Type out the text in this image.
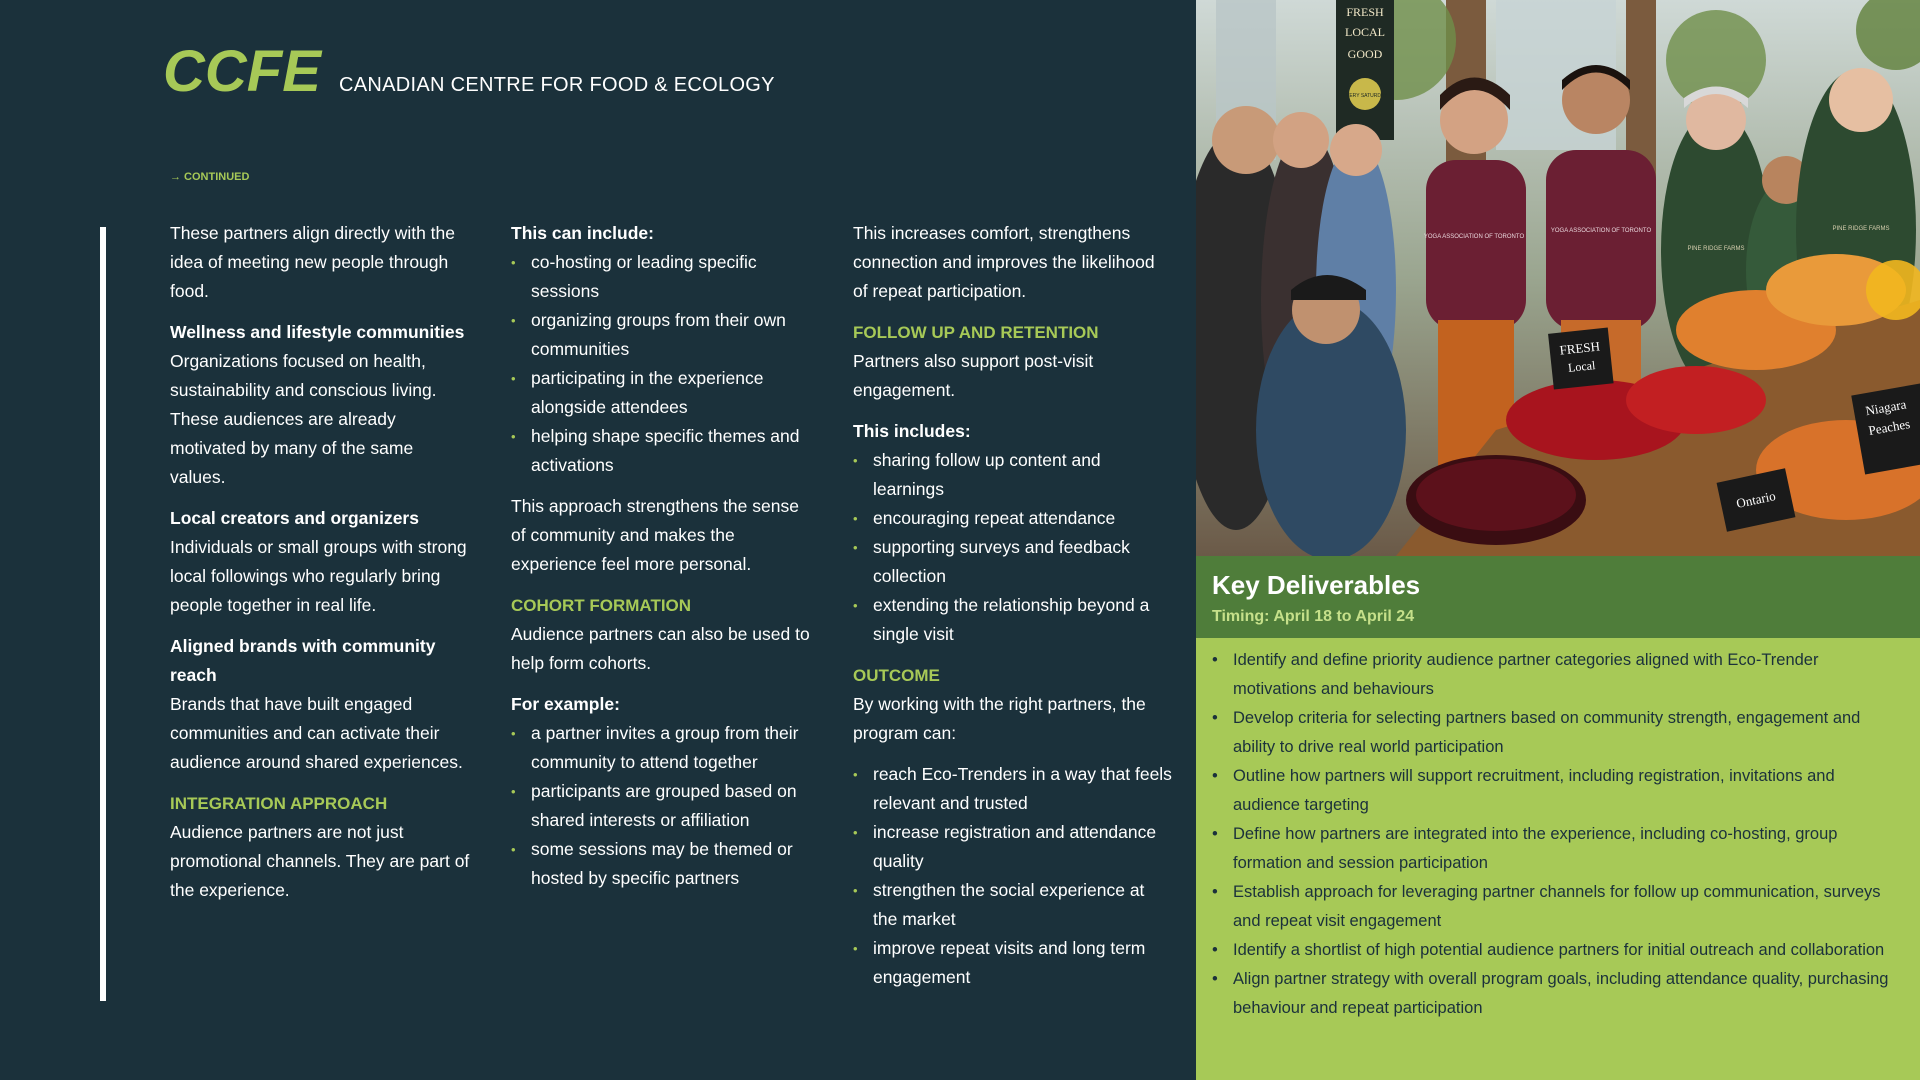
CCFE CANADIAN CENTRE FOR FOOD & ECOLOGY
→ CONTINUED

These partners align directly with the idea of meeting new people through food.

Wellness and lifestyle communities
Organizations focused on health, sustainability and conscious living. These audiences are already motivated by many of the same values.

Local creators and organizers
Individuals or small groups with strong local followings who regularly bring people together in real life.

Aligned brands with community reach
Brands that have built engaged communities and can activate their audience around shared experiences.

INTEGRATION APPROACH
Audience partners are not just promotional channels. They are part of the experience.

This can include:

• co-hosting or leading specific sessions
• organizing groups from their own communities
• participating in the experience alongside attendees
• helping shape specific themes and activations

This approach strengthens the sense of community and makes the experience feel more personal.

COHORT FORMATION
Audience partners can also be used to help form cohorts.

For example:

• a partner invites a group from their community to attend together
• participants are grouped based on shared interests or affiliation
• some sessions may be themed or hosted by specific partners

This increases comfort, strengthens connection and improves the likelihood of repeat participation.

FOLLOW UP AND RETENTION
Partners also support post-visit engagement.

This includes:

• sharing follow up content and learnings
• encouraging repeat attendance
• supporting surveys and feedback collection
• extending the relationship beyond a single visit

OUTCOME
By working with the right partners, the program can:

• reach Eco-Trenders in a way that feels relevant and trusted
• increase registration and attendance quality
• strengthen the social experience at the market
• improve repeat visits and long term engagement
FRESH
LOCAL
GOOD
EVERY SATURDAY
YOGA ASSOCIATION OF TORONTO
YOGA ASSOCIATION OF TORONTO
PINE RIDGE FARMS
PINE RIDGE FARMS
FRESH
Local
Ontario
Niagara
Peaches
Key Deliverables
Timing: April 18 to April 24
• Identify and define priority audience partner categories aligned with Eco-Trender motivations and behaviours
• Develop criteria for selecting partners based on community strength, engagement and ability to drive real world participation
• Outline how partners will support recruitment, including registration, invitations and audience targeting
• Define how partners are integrated into the experience, including co-hosting, group formation and session participation
• Establish approach for leveraging partner channels for follow up communication, surveys and repeat visit engagement
• Identify a shortlist of high potential audience partners for initial outreach and collaboration
• Align partner strategy with overall program goals, including attendance quality, purchasing behaviour and repeat participation
